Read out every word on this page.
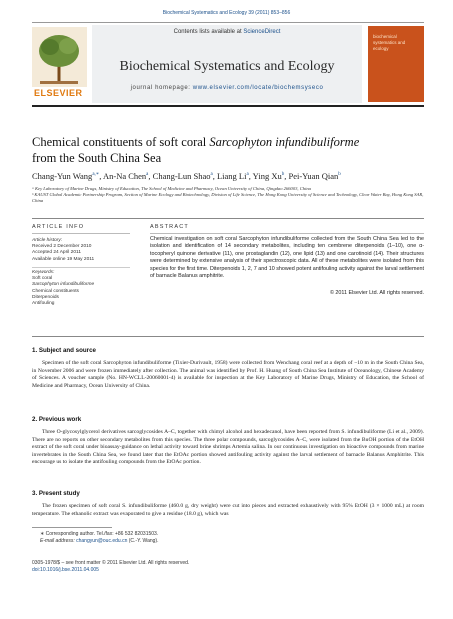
Biochemical Systematics and Ecology 39 (2011) 853–856
ELSEVIER
Contents lists available at ScienceDirect
Biochemical Systematics and Ecology
journal homepage: www.elsevier.com/locate/biochemsyseco
biochemical systematics and ecology
Chemical constituents of soft coral Sarcophyton infundibuliforme
from the South China Sea
Chang-Yun Wang$^{a,∗}$, An-Na Chen$^a$, Chang-Lun Shao$^a$, Liang Li$^a$, Ying Xu$^b$, Pei-Yuan Qian$^b$
ᵃ Key Laboratory of Marine Drugs, Ministry of Education, The School of Medicine and Pharmacy, Ocean University of China, Qingdao 266003, China
ᵇ KAUST Global Academic Partnership Program, Section of Marine Ecology and Biotechnology, Division of Life Science, The Hong Kong University of Science and Technology, Clear Water Bay, Hong Kong SAR, China
ARTICLE INFO	ABSTRACT
Article history:
Received 2 December 2010
Accepted 24 April 2011
Available online 19 May 2011
Keywords:
Soft coral
Sarcophyton infundibuliforme
Chemical constituents
Diterpenoids
Antifouling
Chemical investigation on soft coral Sarcophyton infundibuliforme collected from the South China Sea led to the isolation and identification of 14 secondary metabolites, including ten cembrene diterpenoids (1–10), one α-tocopheryl quinone derivative (11), one prostaglandin (12), one lipid (13) and one carotinoid (14). Their structures were determined by extensive analysis of their spectroscopic data. All of these metabolites were isolated from this species for the first time. Diterpenoids 1, 2, 7 and 10 showed potent antifouling activity against the larval settlement of barnacle Balanus amphitrite.
© 2011 Elsevier Ltd. All rights reserved.
1. Subject and source
Specimen of the soft coral Sarcophyton infundibuliforme (Tixier-Durivault, 1958) were collected from Wenchang coral reef at a depth of −10 m in the South China Sea, in November 2006 and were frozen immediately after collection. The animal was identified by Prof. H. Huang of South China Sea Institute of Oceanology, Chinese Academy of Sciences. A voucher sample (No. HN-WCLL-20060001-4) is available for inspection at the Key Laboratory of Marine Drugs, Ministry of Education, the School of Medicine and Pharmacy, Ocean University of China.
2. Previous work
Three O-glycosylglycerol derivatives sarcoglycosides A–C, together with chimyl alcohol and hexadecanol, have been reported from S. infundibuliforme (Li et al., 2009). There are no reports on other secondary metabolites from this species. The three polar compounds, sarcoglycosides A–C, were isolated from the BuOH portion of the EtOH extract of the soft coral under bioassay-guidance on lethal activity toward brine shrimps Artemia salina. In our continuous investigation on bioactive compounds from marine invertebrates in the South China Sea, we found later that the EtOAc portion showed antifouling activity against the larval settlement of barnacle Balanus Amphitrite. This encourage us to isolate the antifouling compounds from the EtOAc portion.
3. Present study
The frozen specimen of soft coral S. infundibuliforme (460.0 g, dry weight) were cut into pieces and extracted exhaustively with 95% EtOH (3 × 1000 mL) at room temperature. The ethanolic extract was evaporated to give a residue (18.0 g), which was
∗ Corresponding author. Tel./fax: +86 532 82031503.
E-mail address: changyun@ouc.edu.cn (C.-Y. Wang).
0305-1978/$ – see front matter © 2011 Elsevier Ltd. All rights reserved.
doi:10.1016/j.bse.2011.04.005
